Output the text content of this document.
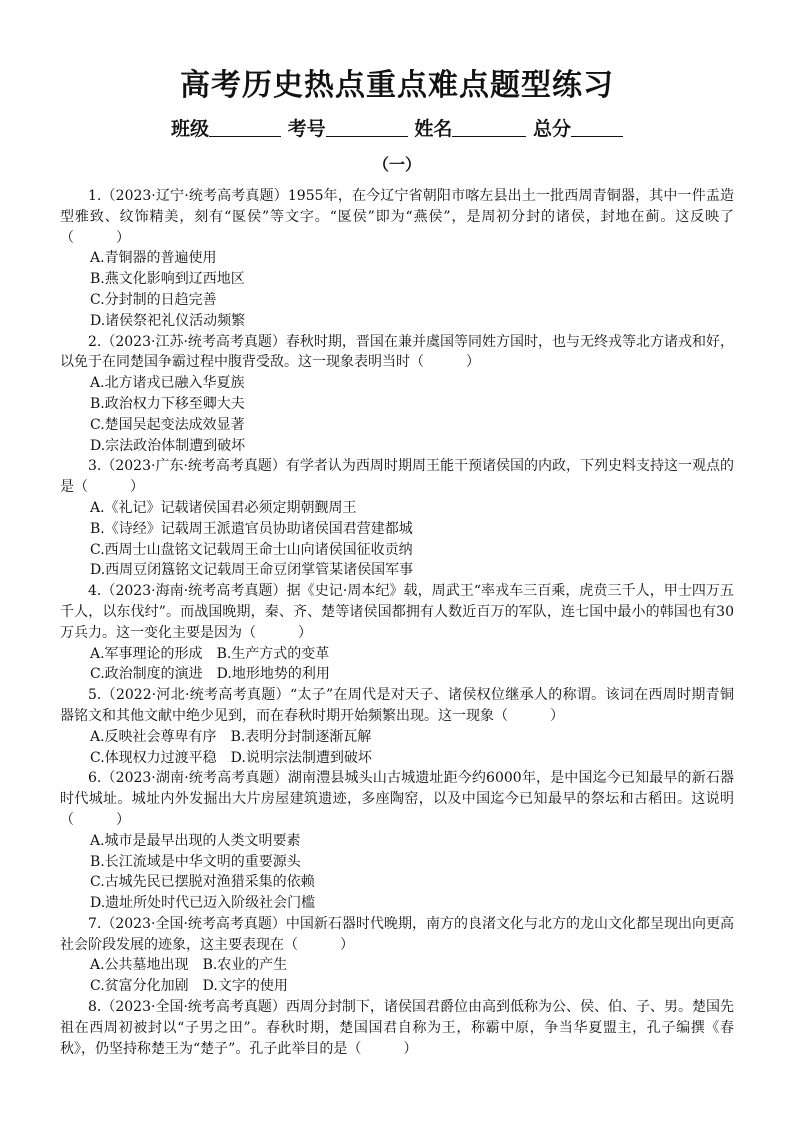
高考历史热点重点难点题型练习
班级	考号	姓名	总分
（一）

1.（2023·辽宁·统考高考真题）1955年，在今辽宁省朝阳市喀左县出土一批西周青铜器，其中一件盂造型雅致、纹饰精美，刻有“匽侯”等文字。“匽侯”即为“燕侯”，是周初分封的诸侯，封地在蓟。这反映了（　　　）

A.青铜器的普遍使用

B.燕文化影响到辽西地区

C.分封制的日趋完善

D.诸侯祭祀礼仪活动频繁

2.（2023·江苏·统考高考真题）春秋时期，晋国在兼并虞国等同姓方国时，也与无终戎等北方诸戎和好，以免于在同楚国争霸过程中腹背受敌。这一现象表明当时（　　　）

A.北方诸戎已融入华夏族

B.政治权力下移至卿大夫

C.楚国吴起变法成效显著

D.宗法政治体制遭到破坏

3.（2023·广东·统考高考真题）有学者认为西周时期周王能干预诸侯国的内政，下列史料支持这一观点的是（　　　）

A.《礼记》记载诸侯国君必须定期朝觐周王

B.《诗经》记载周王派遣官员协助诸侯国君营建都城

C.西周士山盘铭文记载周王命士山向诸侯国征收贡纳

D.西周豆闭簋铭文记载周王命豆闭掌管某诸侯国军事

4.（2023·海南·统考高考真题）据《史记·周本纪》载，周武王“率戎车三百乘，虎贲三千人，甲士四万五千人，以东伐纣”。而战国晚期，秦、齐、楚等诸侯国都拥有人数近百万的军队，连七国中最小的韩国也有30万兵力。这一变化主要是因为（　　　）

A.军事理论的形成 B.生产方式的变革

C.政治制度的演进 D.地形地势的利用

5.（2022·河北·统考高考真题）“太子”在周代是对天子、诸侯权位继承人的称谓。该词在西周时期青铜器铭文和其他文献中绝少见到，而在春秋时期开始频繁出现。这一现象（　　　）

A.反映社会尊卑有序 B.表明分封制逐渐瓦解

C.体现权力过渡平稳 D.说明宗法制遭到破坏

6.（2023·湖南·统考高考真题）湖南澧县城头山古城遗址距今约6000年，是中国迄今已知最早的新石器时代城址。城址内外发掘出大片房屋建筑遗迹，多座陶窑，以及中国迄今已知最早的祭坛和古稻田。这说明（　　　）

A.城市是最早出现的人类文明要素

B.长江流域是中华文明的重要源头

C.古城先民已摆脱对渔猎采集的依赖

D.遗址所处时代已迈入阶级社会门槛

7.（2023·全国·统考高考真题）中国新石器时代晚期，南方的良渚文化与北方的龙山文化都呈现出向更高社会阶段发展的迹象，这主要表现在（　　　）

A.公共墓地出现 B.农业的产生

C.贫富分化加剧 D.文字的使用

8.（2023·全国·统考高考真题）西周分封制下，诸侯国君爵位由高到低称为公、侯、伯、子、男。楚国先祖在西周初被封以“子男之田”。春秋时期，楚国国君自称为王，称霸中原，争当华夏盟主，孔子编撰《春秋》，仍坚持称楚王为“楚子”。孔子此举目的是（　　　）
